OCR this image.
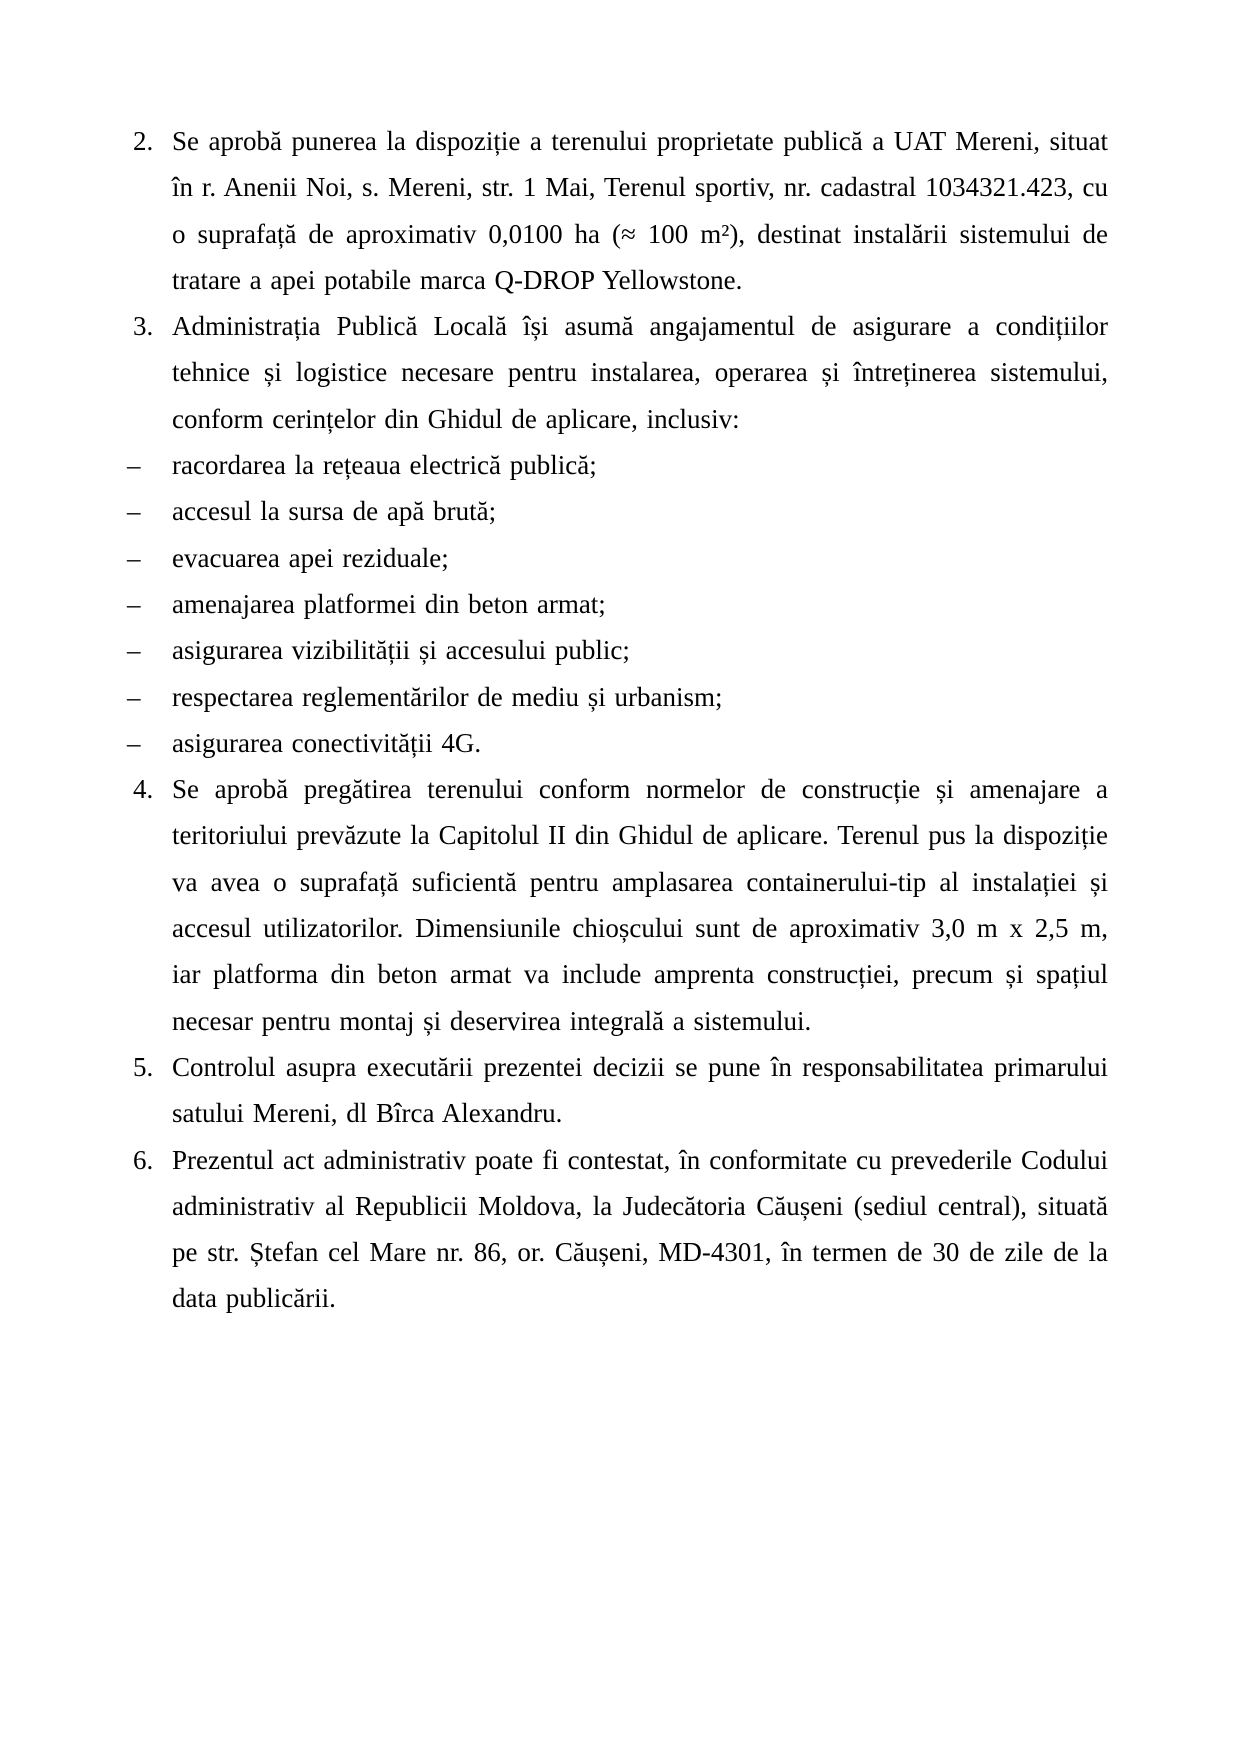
2. Se aprobă punerea la dispoziție a terenului proprietate publică a UAT Mereni, situat în r. Anenii Noi, s. Mereni, str. 1 Mai, Terenul sportiv, nr. cadastral 1034321.423, cu o suprafață de aproximativ 0,0100 ha (≈ 100 m²), destinat instalării sistemului de tratare a apei potabile marca Q-DROP Yellowstone.

3. Administrația Publică Locală își asumă angajamentul de asigurare a condițiilor tehnice și logistice necesare pentru instalarea, operarea și întreținerea sistemului, conform cerințelor din Ghidul de aplicare, inclusiv:

– racordarea la rețeaua electrică publică;

– accesul la sursa de apă brută;

– evacuarea apei reziduale;

– amenajarea platformei din beton armat;

– asigurarea vizibilității și accesului public;

– respectarea reglementărilor de mediu și urbanism;

– asigurarea conectivității 4G.

4. Se aprobă pregătirea terenului conform normelor de construcție și amenajare a teritoriului prevăzute la Capitolul II din Ghidul de aplicare. Terenul pus la dispoziție va avea o suprafață suficientă pentru amplasarea containerului-tip al instalației și accesul utilizatorilor. Dimensiunile chioșcului sunt de aproximativ 3,0 m x 2,5 m, iar platforma din beton armat va include amprenta construcției, precum și spațiul necesar pentru montaj și deservirea integrală a sistemului.

5. Controlul asupra executării prezentei decizii se pune în responsabilitatea primarului satului Mereni, dl Bîrca Alexandru.

6. Prezentul act administrativ poate fi contestat, în conformitate cu prevederile Codului administrativ al Republicii Moldova, la Judecătoria Căușeni (sediul central), situată pe str. Ștefan cel Mare nr. 86, or. Căușeni, MD-4301, în termen de 30 de zile de la data publicării.
